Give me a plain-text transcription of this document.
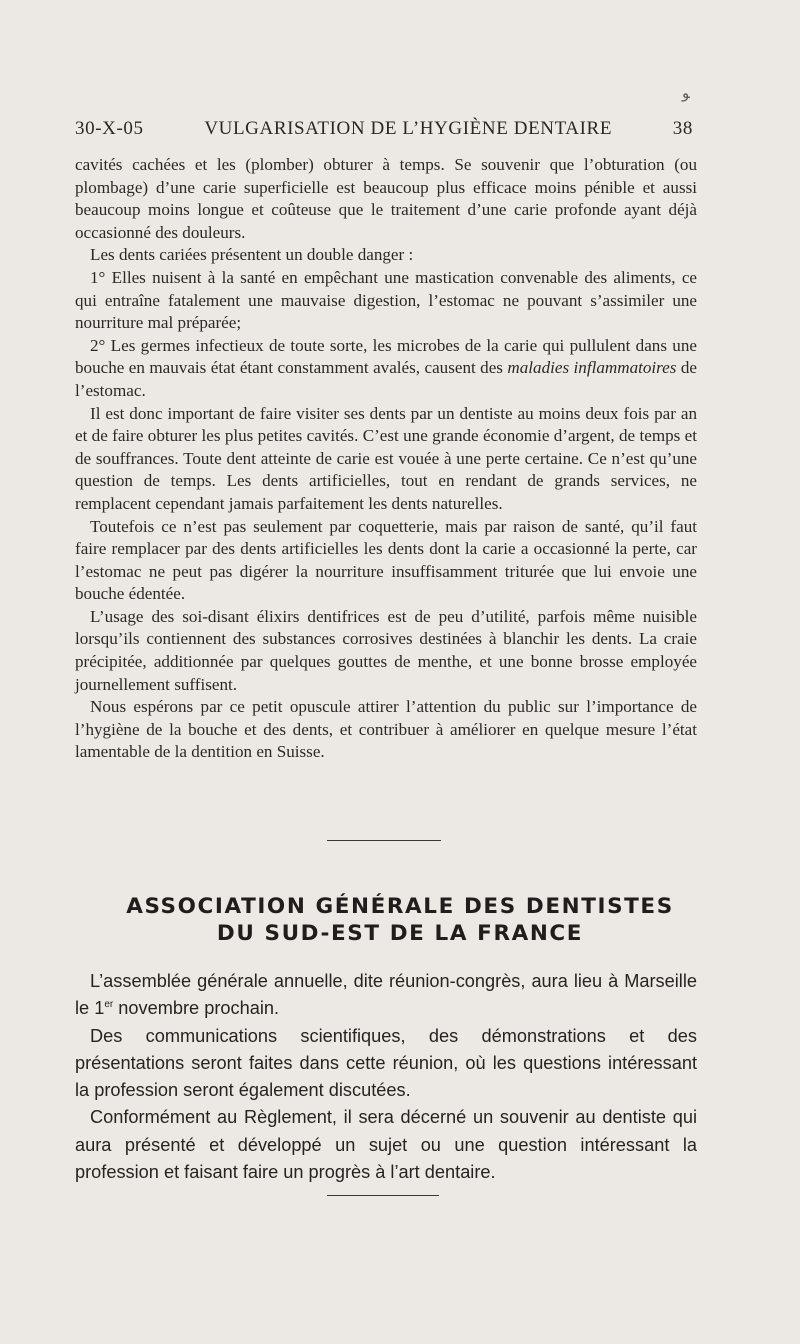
ﻮ
30-X-05	VULGARISATION DE L’HYGIÈNE DENTAIRE	38

cavités cachées et les (plomber) obturer à temps. Se souvenir que l’obturation (ou plombage) d’une carie superficielle est beaucoup plus efficace moins pénible et aussi beaucoup moins longue et coûteuse que le traitement d’une carie profonde ayant déjà occasionné des douleurs.

Les dents cariées présentent un double danger :

1° Elles nuisent à la santé en empêchant une mastication convenable des aliments, ce qui entraîne fatalement une mauvaise digestion, l’estomac ne pouvant s’assimiler une nourriture mal préparée;

2° Les germes infectieux de toute sorte, les microbes de la carie qui pullulent dans une bouche en mauvais état étant constamment avalés, causent des maladies inflammatoires de l’estomac.

Il est donc important de faire visiter ses dents par un dentiste au moins deux fois par an et de faire obturer les plus petites cavités. C’est une grande économie d’argent, de temps et de souffrances. Toute dent atteinte de carie est vouée à une perte certaine. Ce n’est qu’une question de temps. Les dents artificielles, tout en rendant de grands services, ne remplacent cependant jamais parfaitement les dents naturelles.

Toutefois ce n’est pas seulement par coquetterie, mais par raison de santé, qu’il faut faire remplacer par des dents artificielles les dents dont la carie a occasionné la perte, car l’estomac ne peut pas digérer la nourriture insuffisamment triturée que lui envoie une bouche édentée.

L’usage des soi-disant élixirs dentifrices est de peu d’utilité, parfois même nuisible lorsqu’ils contiennent des substances corrosives destinées à blanchir les dents. La craie précipitée, additionnée par quelques gouttes de menthe, et une bonne brosse employée journellement suffisent.

Nous espérons par ce petit opuscule attirer l’attention du public sur l’importance de l’hygiène de la bouche et des dents, et contribuer à améliorer en quelque mesure l’état lamentable de la dentition en Suisse.

ASSOCIATION GÉNÉRALE DES DENTISTES
DU SUD-EST DE LA FRANCE

L’assemblée générale annuelle, dite réunion-congrès, aura lieu à Marseille le 1er novembre prochain.

Des communications scientifiques, des démonstrations et des présentations seront faites dans cette réunion, où les questions intéressant la profession seront également discutées.

Conformément au Règlement, il sera décerné un souvenir au dentiste qui aura présenté et développé un sujet ou une question intéressant la profession et faisant faire un progrès à l’art dentaire.
